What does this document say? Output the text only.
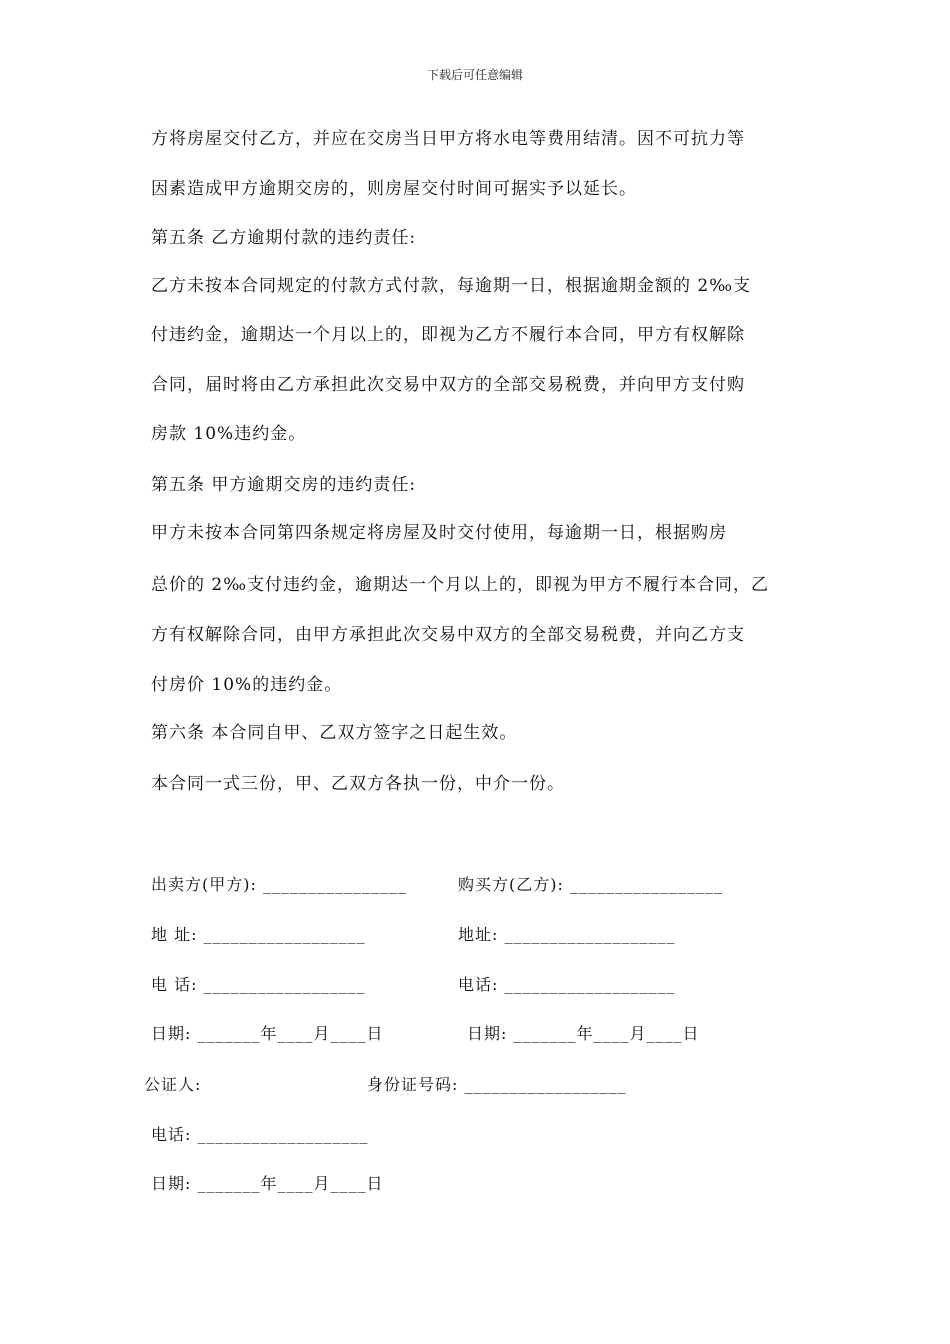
下载后可任意编辑
方将房屋交付乙方，并应在交房当日甲方将水电等费用结清。因不可抗力等
因素造成甲方逾期交房的，则房屋交付时间可据实予以延长。
第五条 乙方逾期付款的违约责任:
乙方未按本合同规定的付款方式付款，每逾期一日，根据逾期金额的 2‰支
付违约金，逾期达一个月以上的，即视为乙方不履行本合同，甲方有权解除
合同，届时将由乙方承担此次交易中双方的全部交易税费，并向甲方支付购
房款 10%违约金。
第五条 甲方逾期交房的违约责任:
甲方未按本合同第四条规定将房屋及时交付使用，每逾期一日，根据购房
总价的 2‰支付违约金，逾期达一个月以上的，即视为甲方不履行本合同，乙
方有权解除合同，由甲方承担此次交易中双方的全部交易税费，并向乙方支
付房价 10%的违约金。
第六条 本合同自甲、乙双方签字之日起生效。
本合同一式三份，甲、乙双方各执一份，中介一份。
出卖方(甲方): ________________	购买方(乙方): _________________
地 址: __________________	地址: ___________________
电 话: __________________	电话: ___________________
日期: _______年____月____日	日期: _______年____月____日
公证人:	身份证号码: __________________
电话: ___________________
日期: _______年____月____日
